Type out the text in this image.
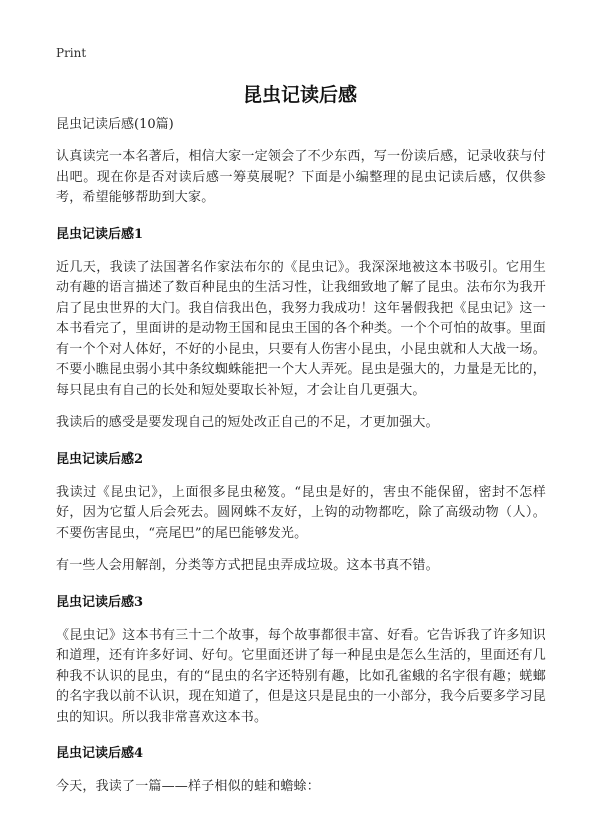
Print
昆虫记读后感
昆虫记读后感(10篇)

认真读完一本名著后，相信大家一定领会了不少东西，写一份读后感，记录收获与付出吧。现在你是否对读后感一筹莫展呢？下面是小编整理的昆虫记读后感，仅供参考，希望能够帮助到大家。

昆虫记读后感1

近几天，我读了法国著名作家法布尔的《昆虫记》。我深深地被这本书吸引。它用生动有趣的语言描述了数百种昆虫的生活习性，让我细致地了解了昆虫。法布尔为我开启了昆虫世界的大门。我自信我出色，我努力我成功！这年暑假我把《昆虫记》这一本书看完了，里面讲的是动物王国和昆虫王国的各个种类。一个个可怕的故事。里面有一个个对人体好，不好的小昆虫，只要有人伤害小昆虫，小昆虫就和人大战一场。不要小瞧昆虫弱小其中条纹蜘蛛能把一个大人弄死。昆虫是强大的，力量是无比的，每只昆虫有自己的长处和短处要取长补短，才会让自几更强大。

我读后的感受是要发现自己的短处改正自己的不足，才更加强大。

昆虫记读后感2

我读过《昆虫记》，上面很多昆虫秘笈。“昆虫是好的，害虫不能保留，密封不怎样好，因为它蜇人后会死去。圆网蛛不友好，上钩的动物都吃，除了高级动物（人）。不要伤害昆虫，“亮尾巴”的尾巴能够发光。

有一些人会用解剖，分类等方式把昆虫弄成垃圾。这本书真不错。

昆虫记读后感3

《昆虫记》这本书有三十二个故事，每个故事都很丰富、好看。它告诉我了许多知识和道理，还有许多好词、好句。它里面还讲了每一种昆虫是怎么生活的，里面还有几种我不认识的昆虫，有的“昆虫的名字还特别有趣，比如孔雀蛾的名字很有趣；蜣螂的名字我以前不认识，现在知道了，但是这只是昆虫的一小部分，我今后要多学习昆虫的知识。所以我非常喜欢这本书。

昆虫记读后感4

今天，我读了一篇——样子相似的蛙和蟾蜍：
